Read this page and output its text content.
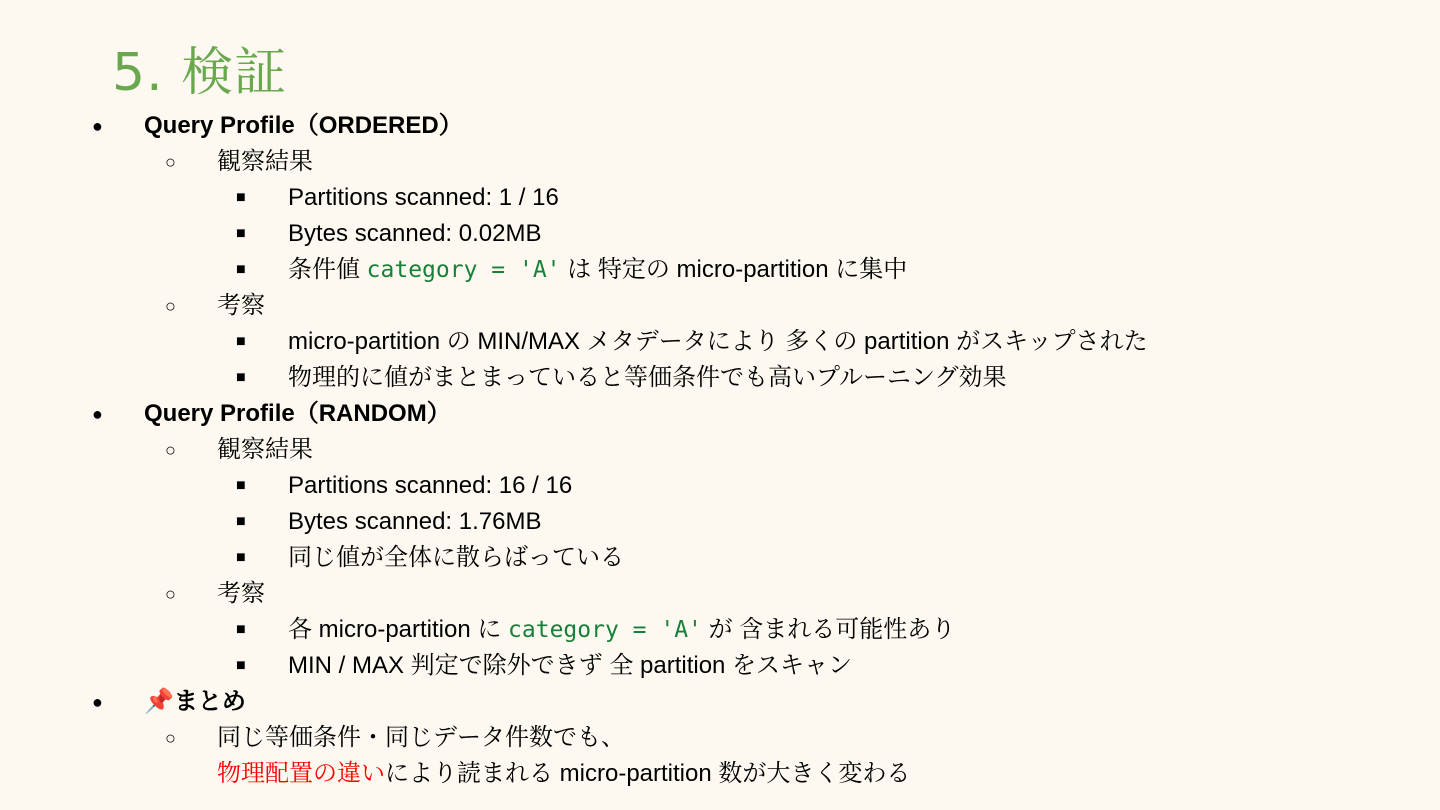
5. 検証
● Query Profile（ORDERED）
○ 観察結果
■ Partitions scanned: 1 / 16
■ Bytes scanned: 0.02MB
■ 条件値 category = 'A' は 特定の micro-partition に集中
○ 考察
■ micro-partition の MIN/MAX メタデータにより 多くの partition がスキップされた
■ 物理的に値がまとまっていると等価条件でも高いプルーニング効果
● Query Profile（RANDOM）
○ 観察結果
■ Partitions scanned: 16 / 16
■ Bytes scanned: 1.76MB
■ 同じ値が全体に散らばっている
○ 考察
■ 各 micro-partition に category = 'A' が 含まれる可能性あり
■ MIN / MAX 判定で除外できず 全 partition をスキャン
● 📌まとめ
○ 同じ等価条件・同じデータ件数でも、
物理配置の違いにより読まれる micro-partition 数が大きく変わる
